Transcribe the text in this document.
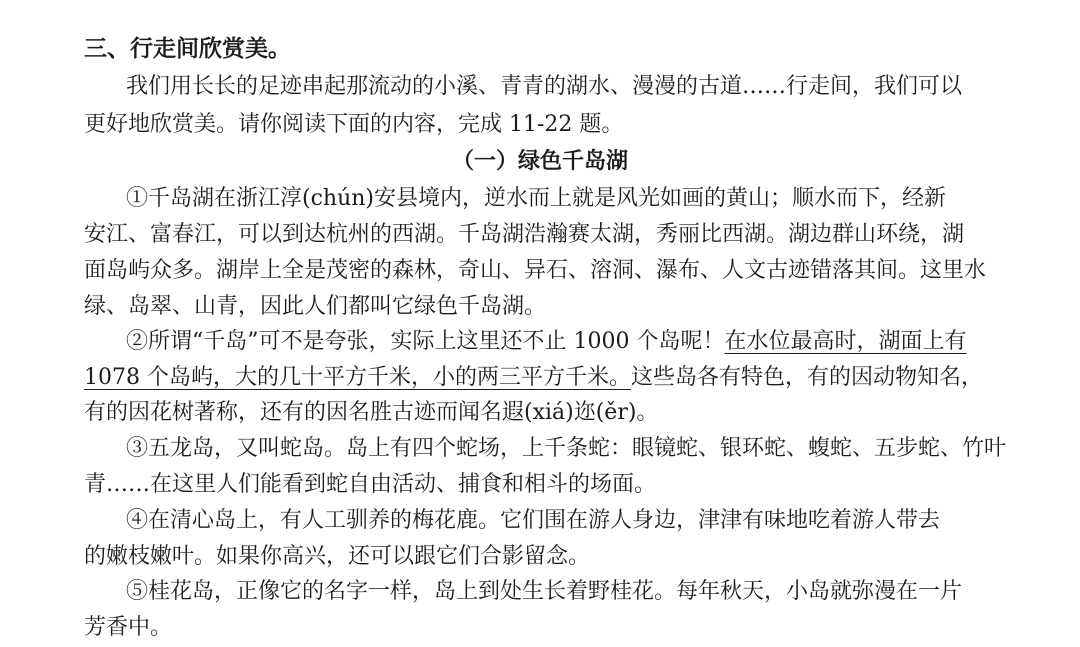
三、行走间欣赏美。
我们用长长的足迹串起那流动的小溪、青青的湖水、漫漫的古道……行走间，我们可以
更好地欣赏美。请你阅读下面的内容，完成 11-22 题。
（一）绿色千岛湖
①千岛湖在浙江淳(chún)安县境内，逆水而上就是风光如画的黄山；顺水而下，经新
安江、富春江，可以到达杭州的西湖。千岛湖浩瀚赛太湖，秀丽比西湖。湖边群山环绕，湖
面岛屿众多。湖岸上全是茂密的森林，奇山、异石、溶洞、瀑布、人文古迹错落其间。这里水
绿、岛翠、山青，因此人们都叫它绿色千岛湖。
②所谓“千岛”可不是夸张，实际上这里还不止 1000 个岛呢！在水位最高时，湖面上有
1078 个岛屿，大的几十平方千米，小的两三平方千米。这些岛各有特色，有的因动物知名，
有的因花树著称，还有的因名胜古迹而闻名遐(xiá)迩(ěr)。
③五龙岛，又叫蛇岛。岛上有四个蛇场，上千条蛇：眼镜蛇、银环蛇、蝮蛇、五步蛇、竹叶
青……在这里人们能看到蛇自由活动、捕食和相斗的场面。
④在清心岛上，有人工驯养的梅花鹿。它们围在游人身边，津津有味地吃着游人带去
的嫩枝嫩叶。如果你高兴，还可以跟它们合影留念。
⑤桂花岛，正像它的名字一样，岛上到处生长着野桂花。每年秋天，小岛就弥漫在一片
芳香中。
